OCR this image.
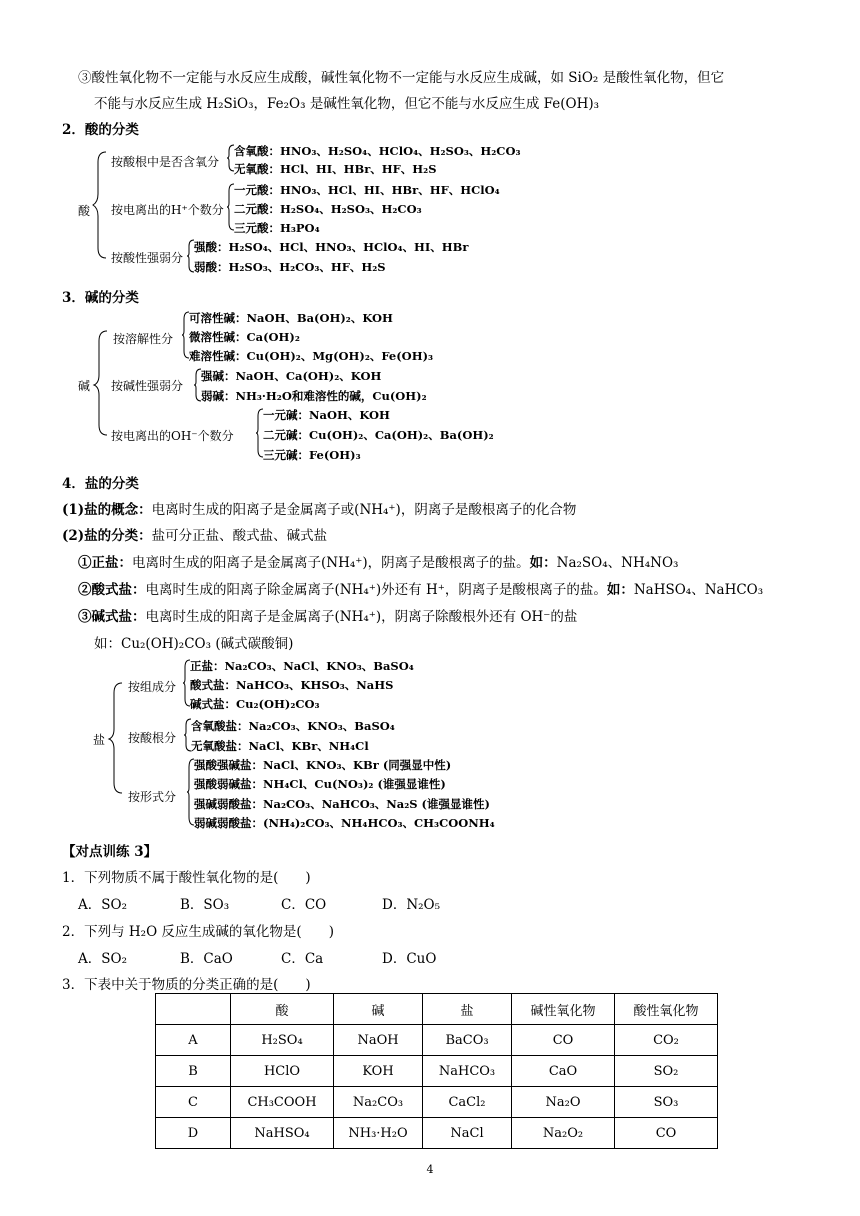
③酸性氧化物不一定能与水反应生成酸，碱性氧化物不一定能与水反应生成碱，如 SiO₂ 是酸性氧化物，但它
不能与水反应生成 H₂SiO₃，Fe₂O₃ 是碱性氧化物，但它不能与水反应生成 Fe(OH)₃
2．酸的分类
酸
按酸根中是否含氧分
含氧酸：HNO₃、H₂SO₄、HClO₄、H₂SO₃、H₂CO₃
无氧酸：HCl、HI、HBr、HF、H₂S
按电离出的H⁺个数分
一元酸：HNO₃、HCl、HI、HBr、HF、HClO₄
二元酸：H₂SO₄、H₂SO₃、H₂CO₃
三元酸：H₃PO₄
按酸性强弱分
强酸：H₂SO₄、HCl、HNO₃、HClO₄、HI、HBr
弱酸：H₂SO₃、H₂CO₃、HF、H₂S
3．碱的分类
碱
按溶解性分
可溶性碱：NaOH、Ba(OH)₂、KOH
微溶性碱：Ca(OH)₂
难溶性碱：Cu(OH)₂、Mg(OH)₂、Fe(OH)₃
按碱性强弱分
强碱：NaOH、Ca(OH)₂、KOH
弱碱：NH₃·H₂O和难溶性的碱，Cu(OH)₂
按电离出的OH⁻个数分
一元碱：NaOH、KOH
二元碱：Cu(OH)₂、Ca(OH)₂、Ba(OH)₂
三元碱：Fe(OH)₃
4．盐的分类
(1)盐的概念：电离时生成的阳离子是金属离子或(NH₄⁺)，阴离子是酸根离子的化合物
(2)盐的分类：盐可分正盐、酸式盐、碱式盐
①正盐：电离时生成的阳离子是金属离子(NH₄⁺)，阴离子是酸根离子的盐。如：Na₂SO₄、NH₄NO₃
②酸式盐：电离时生成的阳离子除金属离子(NH₄⁺)外还有 H⁺，阴离子是酸根离子的盐。如：NaHSO₄、NaHCO₃
③碱式盐：电离时生成的阳离子是金属离子(NH₄⁺)，阴离子除酸根外还有 OH⁻的盐
如：Cu₂(OH)₂CO₃ (碱式碳酸铜)
盐
按组成分
正盐：Na₂CO₃、NaCl、KNO₃、BaSO₄
酸式盐：NaHCO₃、KHSO₃、NaHS
碱式盐：Cu₂(OH)₂CO₃
按酸根分
含氧酸盐：Na₂CO₃、KNO₃、BaSO₄
无氧酸盐：NaCl、KBr、NH₄Cl
按形式分
强酸强碱盐：NaCl、KNO₃、KBr (同强显中性)
强酸弱碱盐：NH₄Cl、Cu(NO₃)₂ (谁强显谁性)
强碱弱酸盐：Na₂CO₃、NaHCO₃、Na₂S (谁强显谁性)
弱碱弱酸盐：(NH₄)₂CO₃、NH₄HCO₃、CH₃COONH₄
【对点训练 3】
1．下列物质不属于酸性氧化物的是(　　)
A．SO₂	B．SO₃	C．CO	D．N₂O₅
2．下列与 H₂O 反应生成碱的氧化物是(　　)
A．SO₂	B．CaO	C．Ca	D．CuO
3．下表中关于物质的分类正确的是(　　)
	酸	碱	盐	碱性氧化物	酸性氧化物
A	H₂SO₄	NaOH	BaCO₃	CO	CO₂
B	HClO	KOH	NaHCO₃	CaO	SO₂
C	CH₃COOH	Na₂CO₃	CaCl₂	Na₂O	SO₃
D	NaHSO₄	NH₃·H₂O	NaCl	Na₂O₂	CO
4
